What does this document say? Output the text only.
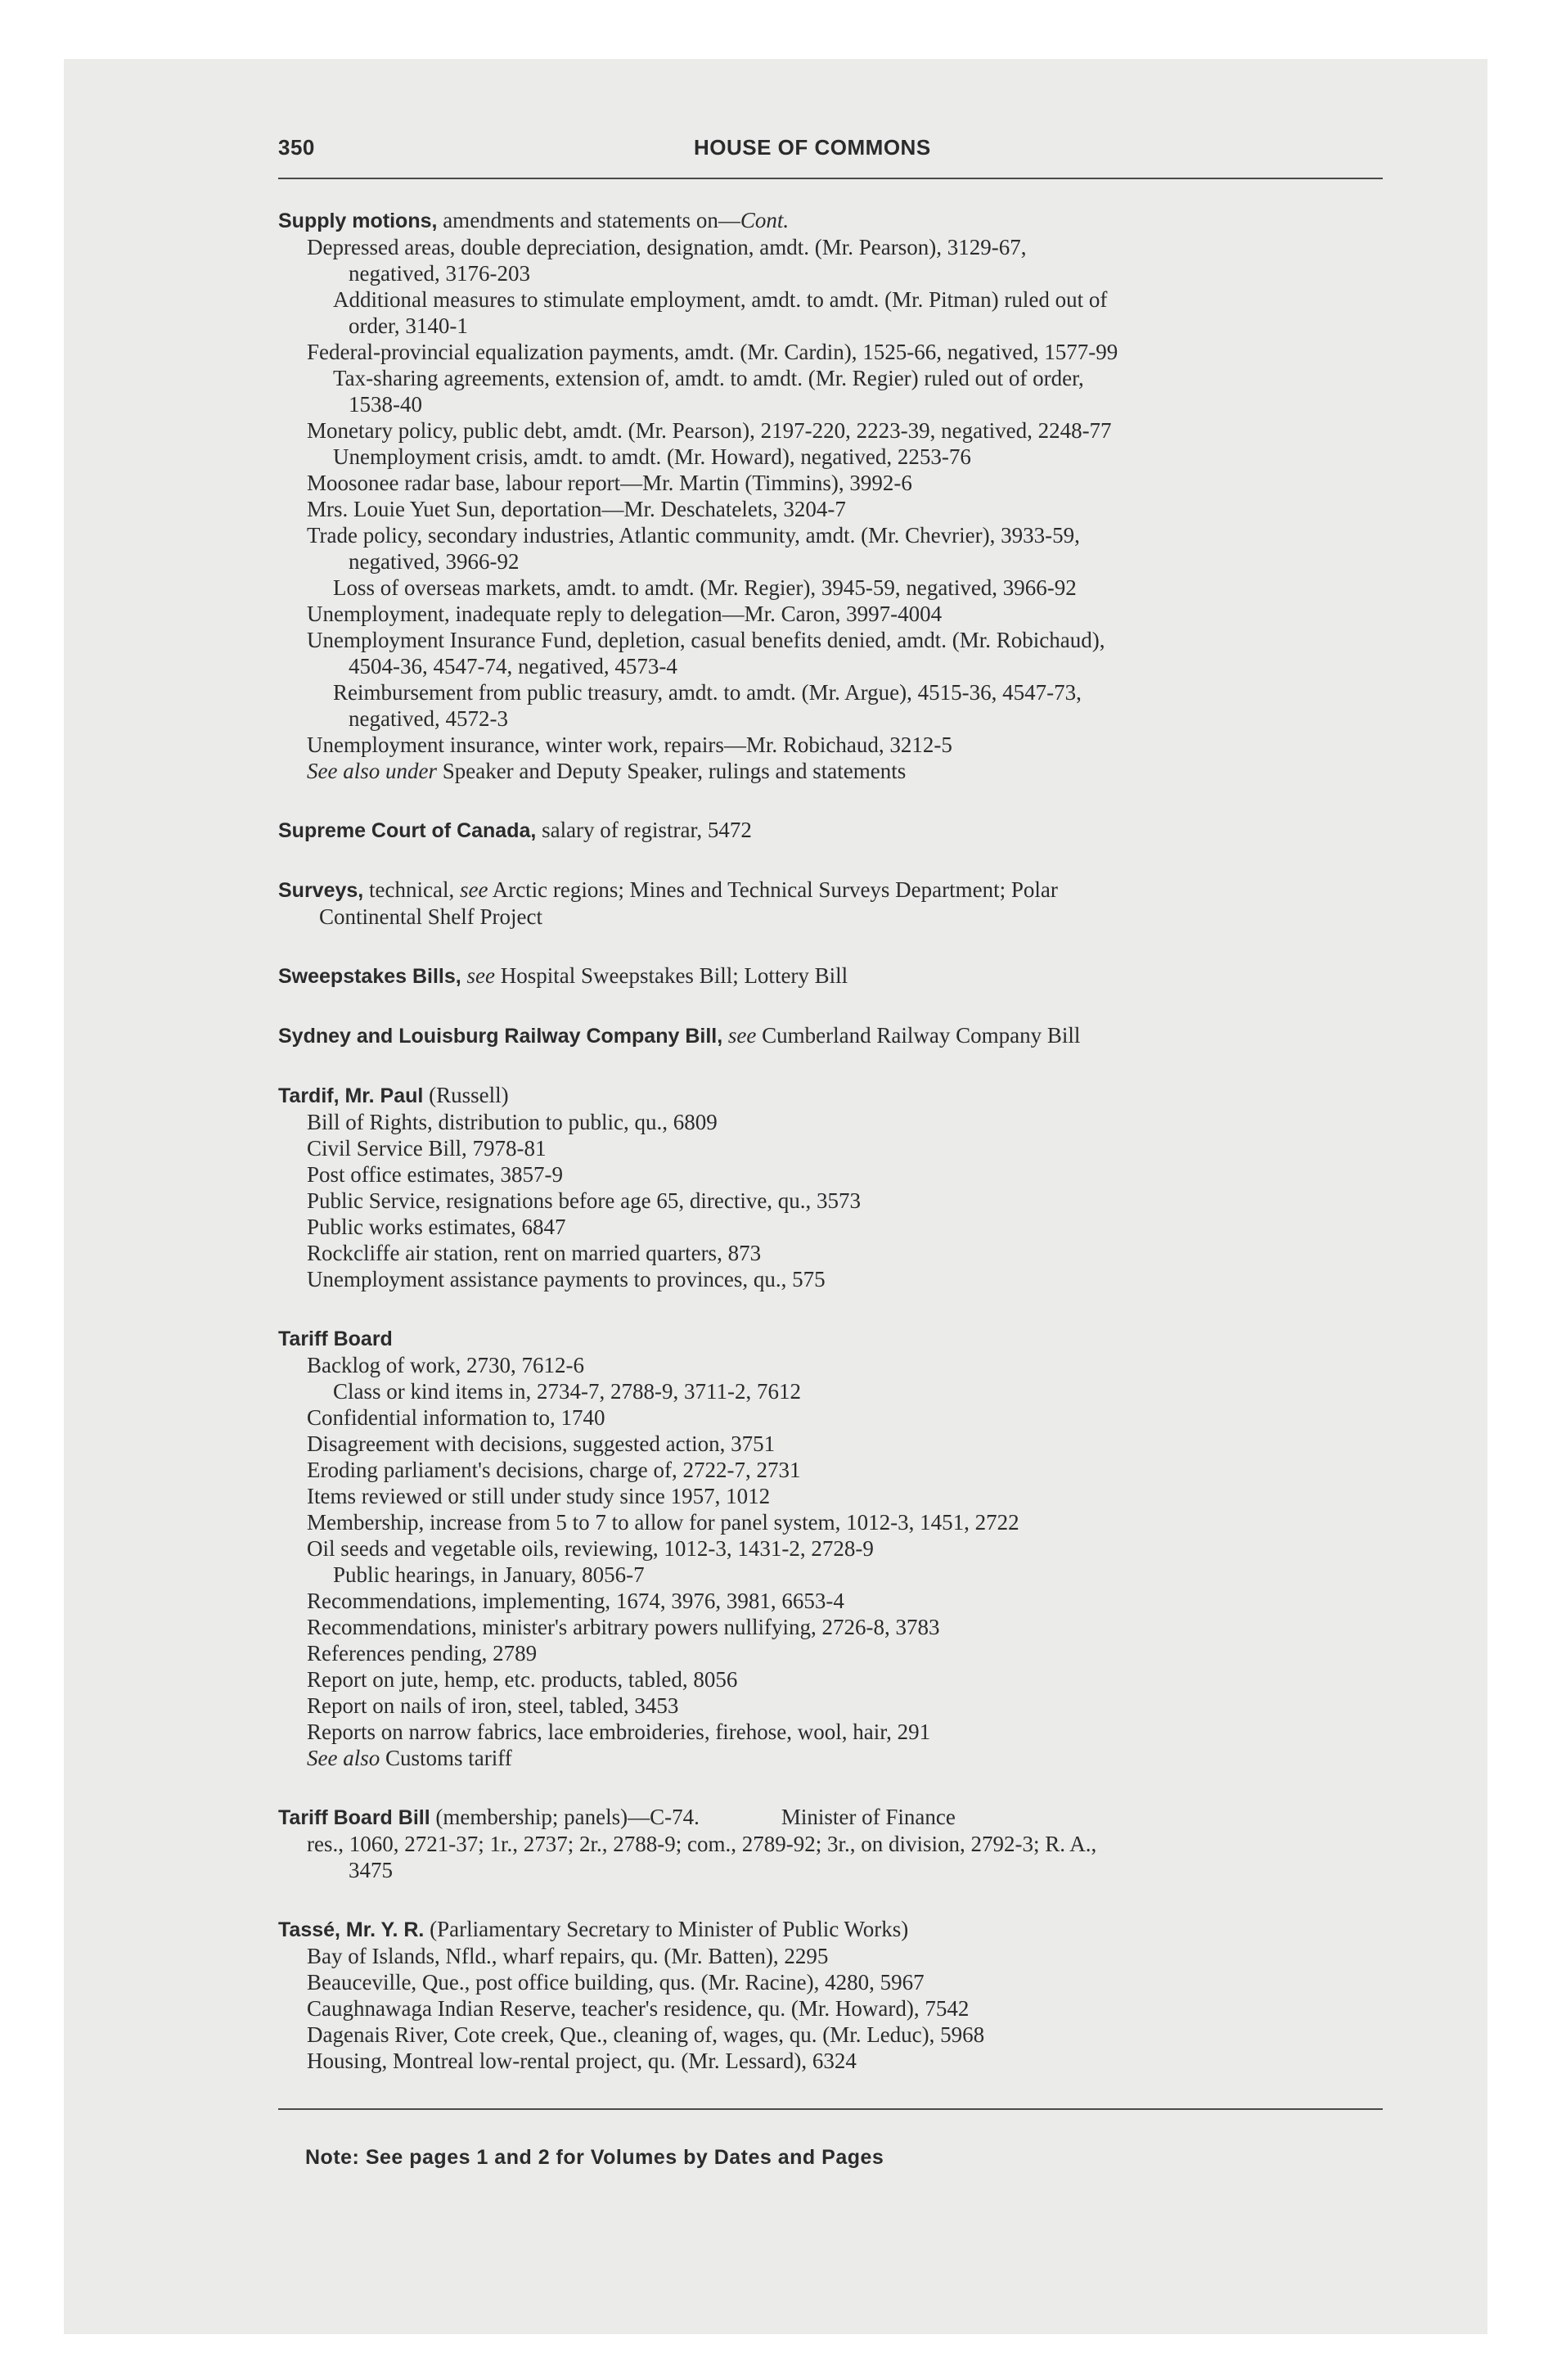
350	HOUSE OF COMMONS
Supply motions, amendments and statements on—Cont.
Depressed areas, double depreciation, designation, amdt. (Mr. Pearson), 3129-67,
negatived, 3176-203
Additional measures to stimulate employment, amdt. to amdt. (Mr. Pitman) ruled out of
order, 3140-1
Federal-provincial equalization payments, amdt. (Mr. Cardin), 1525-66, negatived, 1577-99
Tax-sharing agreements, extension of, amdt. to amdt. (Mr. Regier) ruled out of order,
1538-40
Monetary policy, public debt, amdt. (Mr. Pearson), 2197-220, 2223-39, negatived, 2248-77
Unemployment crisis, amdt. to amdt. (Mr. Howard), negatived, 2253-76
Moosonee radar base, labour report—Mr. Martin (Timmins), 3992-6
Mrs. Louie Yuet Sun, deportation—Mr. Deschatelets, 3204-7
Trade policy, secondary industries, Atlantic community, amdt. (Mr. Chevrier), 3933-59,
negatived, 3966-92
Loss of overseas markets, amdt. to amdt. (Mr. Regier), 3945-59, negatived, 3966-92
Unemployment, inadequate reply to delegation—Mr. Caron, 3997-4004
Unemployment Insurance Fund, depletion, casual benefits denied, amdt. (Mr. Robichaud),
4504-36, 4547-74, negatived, 4573-4
Reimbursement from public treasury, amdt. to amdt. (Mr. Argue), 4515-36, 4547-73,
negatived, 4572-3
Unemployment insurance, winter work, repairs—Mr. Robichaud, 3212-5
See also under Speaker and Deputy Speaker, rulings and statements
Supreme Court of Canada, salary of registrar, 5472
Surveys, technical, see Arctic regions; Mines and Technical Surveys Department; Polar
Continental Shelf Project
Sweepstakes Bills, see Hospital Sweepstakes Bill; Lottery Bill
Sydney and Louisburg Railway Company Bill, see Cumberland Railway Company Bill
Tardif, Mr. Paul (Russell)
Bill of Rights, distribution to public, qu., 6809
Civil Service Bill, 7978-81
Post office estimates, 3857-9
Public Service, resignations before age 65, directive, qu., 3573
Public works estimates, 6847
Rockcliffe air station, rent on married quarters, 873
Unemployment assistance payments to provinces, qu., 575
Tariff Board
Backlog of work, 2730, 7612-6
Class or kind items in, 2734-7, 2788-9, 3711-2, 7612
Confidential information to, 1740
Disagreement with decisions, suggested action, 3751
Eroding parliament's decisions, charge of, 2722-7, 2731
Items reviewed or still under study since 1957, 1012
Membership, increase from 5 to 7 to allow for panel system, 1012-3, 1451, 2722
Oil seeds and vegetable oils, reviewing, 1012-3, 1431-2, 2728-9
Public hearings, in January, 8056-7
Recommendations, implementing, 1674, 3976, 3981, 6653-4
Recommendations, minister's arbitrary powers nullifying, 2726-8, 3783
References pending, 2789
Report on jute, hemp, etc. products, tabled, 8056
Report on nails of iron, steel, tabled, 3453
Reports on narrow fabrics, lace embroideries, firehose, wool, hair, 291
See also Customs tariff
Tariff Board Bill (membership; panels)—C-74.	Minister of Finance
res., 1060, 2721-37; 1r., 2737; 2r., 2788-9; com., 2789-92; 3r., on division, 2792-3; R. A.,
3475
Tassé, Mr. Y. R. (Parliamentary Secretary to Minister of Public Works)
Bay of Islands, Nfld., wharf repairs, qu. (Mr. Batten), 2295
Beauceville, Que., post office building, qus. (Mr. Racine), 4280, 5967
Caughnawaga Indian Reserve, teacher's residence, qu. (Mr. Howard), 7542
Dagenais River, Cote creek, Que., cleaning of, wages, qu. (Mr. Leduc), 5968
Housing, Montreal low-rental project, qu. (Mr. Lessard), 6324
Note: See pages 1 and 2 for Volumes by Dates and Pages
